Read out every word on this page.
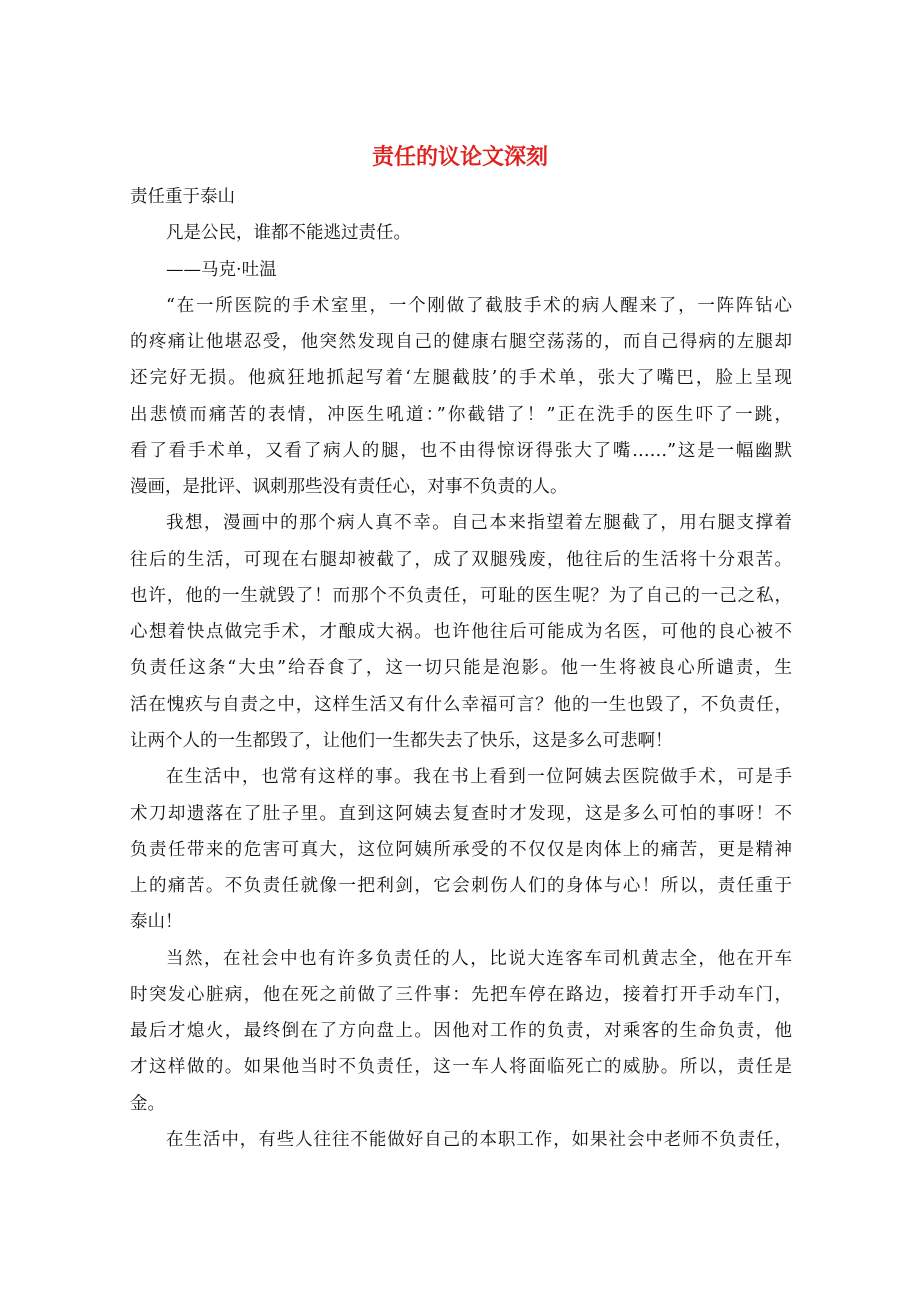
责任的议论文深刻
责任重于泰山
凡是公民，谁都不能逃过责任。
——马克·吐温
“在一所医院的手术室里，一个刚做了截肢手术的病人醒来了，一阵阵钻心
的疼痛让他堪忍受，他突然发现自己的健康右腿空荡荡的，而自己得病的左腿却
还完好无损。他疯狂地抓起写着‘左腿截肢’的手术单，张大了嘴巴，脸上呈现
出悲愤而痛苦的表情，冲医生吼道：”你截错了！”正在洗手的医生吓了一跳，
看了看手术单，又看了病人的腿，也不由得惊讶得张大了嘴……”这是一幅幽默
漫画，是批评、讽刺那些没有责任心，对事不负责的人。
我想，漫画中的那个病人真不幸。自己本来指望着左腿截了，用右腿支撑着
往后的生活，可现在右腿却被截了，成了双腿残废，他往后的生活将十分艰苦。
也许，他的一生就毁了！而那个不负责任，可耻的医生呢？为了自己的一己之私，
心想着快点做完手术，才酿成大祸。也许他往后可能成为名医，可他的良心被不
负责任这条“大虫”给吞食了，这一切只能是泡影。他一生将被良心所谴责，生
活在愧疚与自责之中，这样生活又有什么幸福可言？他的一生也毁了，不负责任，
让两个人的一生都毁了，让他们一生都失去了快乐，这是多么可悲啊！
在生活中，也常有这样的事。我在书上看到一位阿姨去医院做手术，可是手
术刀却遗落在了肚子里。直到这阿姨去复查时才发现，这是多么可怕的事呀！不
负责任带来的危害可真大，这位阿姨所承受的不仅仅是肉体上的痛苦，更是精神
上的痛苦。不负责任就像一把利剑，它会刺伤人们的身体与心！所以，责任重于
泰山！
当然，在社会中也有许多负责任的人，比说大连客车司机黄志全，他在开车
时突发心脏病，他在死之前做了三件事：先把车停在路边，接着打开手动车门，
最后才熄火，最终倒在了方向盘上。因他对工作的负责，对乘客的生命负责，他
才这样做的。如果他当时不负责任，这一车人将面临死亡的威胁。所以，责任是
金。
在生活中，有些人往往不能做好自己的本职工作，如果社会中老师不负责任，
